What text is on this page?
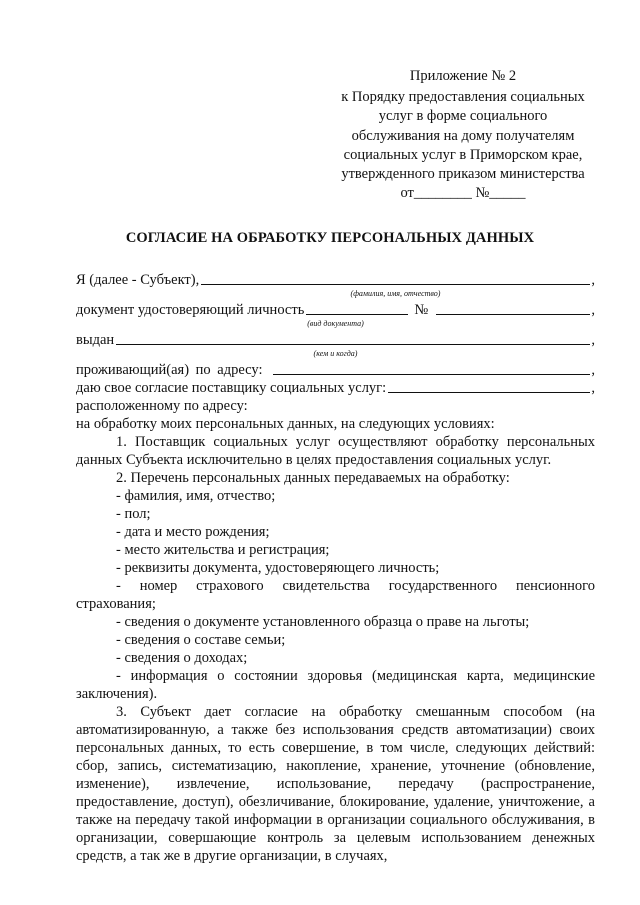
Приложение № 2
к Порядку предоставления социальных
услуг в форме социального
обслуживания на дому получателям
социальных услуг в Приморском крае,
утвержденного приказом министерства
от________ №_____
СОГЛАСИЕ НА ОБРАБОТКУ ПЕРСОНАЛЬНЫХ ДАННЫХ
Я (далее - Субъект),	,
(фамилия, имя, отчество)
документ удостоверяющий личность	№	,
(вид документа)
выдан	,
(кем и когда)
проживающий(ая) по адресу:	,
даю свое согласие поставщику социальных услуг:	,
расположенному по адресу:
на обработку моих персональных данных, на следующих условиях:
1. Поставщик социальных услуг осуществляют обработку персональных данных Субъекта исключительно в целях предоставления социальных услуг.
2. Перечень персональных данных передаваемых на обработку:
- фамилия, имя, отчество;
- пол;
- дата и место рождения;
- место жительства и регистрация;
- реквизиты документа, удостоверяющего личность;
- номер страхового свидетельства государственного пенсионного страхования;
- сведения о документе установленного образца о праве на льготы;
- сведения о составе семьи;
- сведения о доходах;
- информация о состоянии здоровья (медицинская карта, медицинские заключения).
3. Субъект дает согласие на обработку смешанным способом (на автоматизированную, а также без использования средств автоматизации) своих персональных данных, то есть совершение, в том числе, следующих действий: сбор, запись, систематизацию, накопление, хранение, уточнение (обновление, изменение), извлечение, использование, передачу (распространение, предоставление, доступ), обезличивание, блокирование, удаление, уничтожение, а также на передачу такой информации в организации социального обслуживания, в организации, совершающие контроль за целевым использованием денежных средств, а так же в другие организации, в случаях,
